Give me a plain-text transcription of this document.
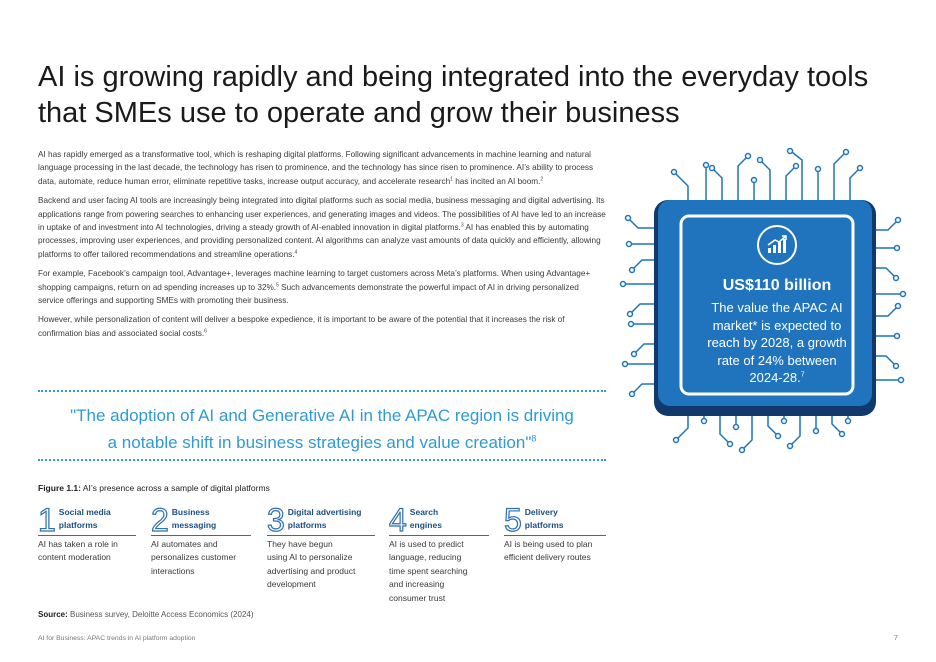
AI is growing rapidly and being integrated into the everyday tools that SMEs use to operate and grow their business

AI has rapidly emerged as a transformative tool, which is reshaping digital platforms. Following significant advancements in machine learning and natural language processing in the last decade, the technology has risen to prominence, and the technology has since risen to prominence. AI’s ability to process data, automate, reduce human error, eliminate repetitive tasks, increase output accuracy, and accelerate research$^1$ has incited an AI boom.$^2$

Backend and user facing AI tools are increasingly being integrated into digital platforms such as social media, business messaging and digital advertising. Its applications range from powering searches to enhancing user experiences, and generating images and videos. The possibilities of AI have led to an increase in uptake of and investment into AI technologies, driving a steady growth of AI-enabled innovation in digital platforms.$^3$ AI has enabled this by automating processes, improving user experiences, and providing personalized content. AI algorithms can analyze vast amounts of data quickly and efficiently, allowing platforms to offer tailored recommendations and streamline operations.$^4$

For example, Facebook’s campaign tool, Advantage+, leverages machine learning to target customers across Meta’s platforms. When using Advantage+ shopping campaigns, return on ad spending increases up to 32%.$^5$ Such advancements demonstrate the powerful impact of AI in driving personalized service offerings and supporting SMEs with promoting their business.

However, while personalization of content will deliver a bespoke expedience, it is important to be aware of the potential that it increases the risk of confirmation bias and associated social costs.$^6$

"The adoption of AI and Generative AI in the APAC region is driving
a notable shift in business strategies and value creation"$^8$
Figure 1.1: AI’s presence across a sample of digital platforms
1 Social media
platforms
AI has taken a role in
content moderation
2 Business
messaging
AI automates and
personalizes customer
interactions
3 Digital advertising
platforms
They have begun
using AI to personalize
advertising and product
development
4 Search
engines
AI is used to predict
language, reducing
time spent searching
and increasing
consumer trust
5 Delivery
platforms
AI is being used to plan
efficient delivery routes
Source: Business survey, Deloitte Access Economics (2024)
AI for Business: APAC trends in AI platform adoption	7
US$110 billion
The value the APAC AI
market* is expected to
reach by 2028, a growth
rate of 24% between
2024-28.$^7$
